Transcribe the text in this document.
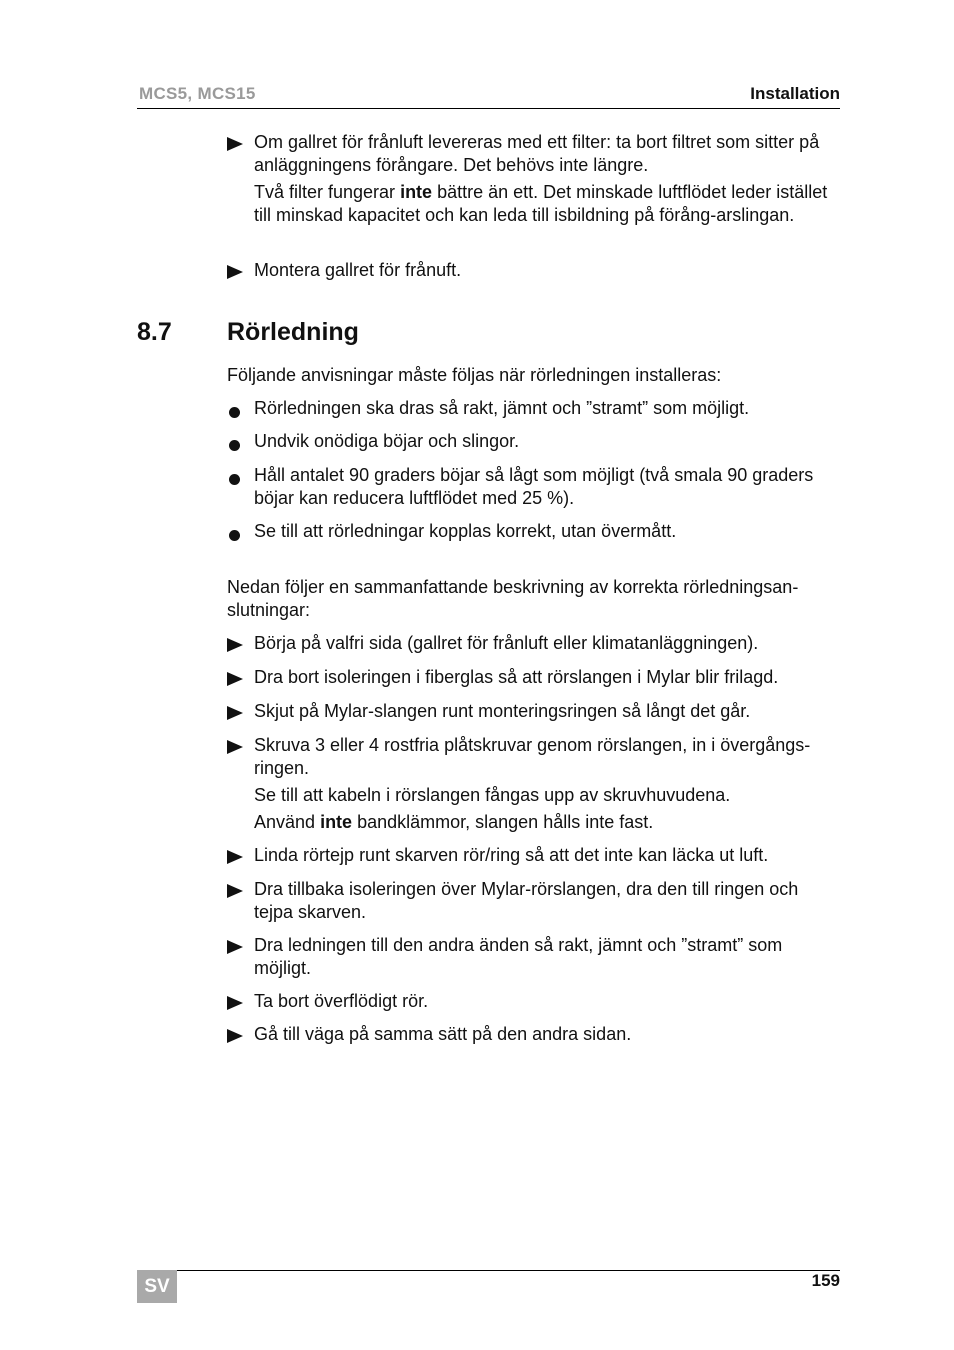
MCS5, MCS15	Installation
Om gallret för frånluft levereras med ett filter: ta bort filtret som sitter på anläggningens förångare. Det behövs inte längre.
Två filter fungerar inte bättre än ett. Det minskade luftflödet leder istället till minskad kapacitet och kan leda till isbildning på förång-arslingan.
Montera gallret för frånuft.
8.7 Rörledning
Följande anvisningar måste följas när rörledningen installeras:
Rörledningen ska dras så rakt, jämnt och ”stramt” som möjligt.
Undvik onödiga böjar och slingor.
Håll antalet 90 graders böjar så lågt som möjligt (två smala 90 graders böjar kan reducera luftflödet med 25 %).
Se till att rörledningar kopplas korrekt, utan övermått.
Nedan följer en sammanfattande beskrivning av korrekta rörledningsan-slutningar:
Börja på valfri sida (gallret för frånluft eller klimatanläggningen).
Dra bort isoleringen i fiberglas så att rörslangen i Mylar blir frilagd.
Skjut på Mylar-slangen runt monteringsringen så långt det går.
Skruva 3 eller 4 rostfria plåtskruvar genom rörslangen, in i övergångs-ringen.
Se till att kabeln i rörslangen fångas upp av skruvhuvudena.
Använd inte bandklämmor, slangen hålls inte fast.
Linda rörtejp runt skarven rör/ring så att det inte kan läcka ut luft.
Dra tillbaka isoleringen över Mylar-rörslangen, dra den till ringen och tejpa skarven.
Dra ledningen till den andra änden så rakt, jämnt och ”stramt” som möjligt.
Ta bort överflödigt rör.
Gå till väga på samma sätt på den andra sidan.
SV	159
